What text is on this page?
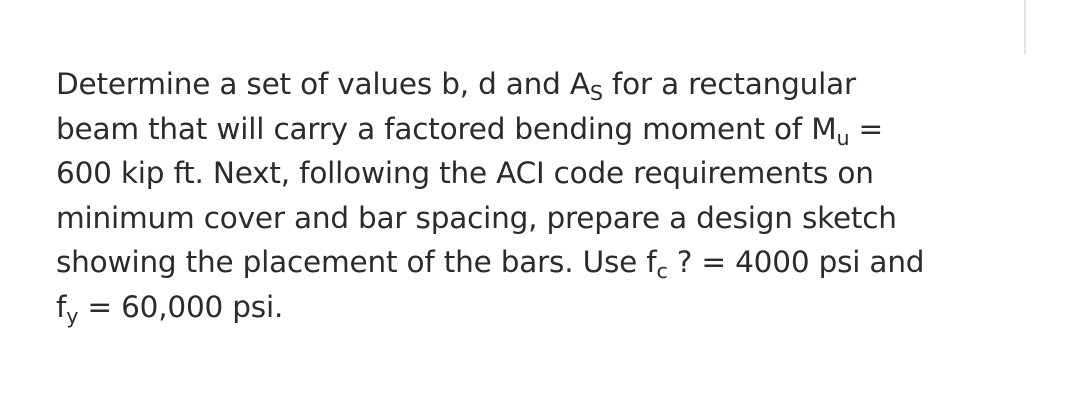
Determine a set of values b, d and $A_S$ for a rectangular
beam that will carry a factored bending moment of $M_u$ =
600 kip ft. Next, following the ACI code requirements on
minimum cover and bar spacing, prepare a design sketch
showing the placement of the bars. Use $f_c$ ? = 4000 psi and
$f_y = 60,000$ psi.
